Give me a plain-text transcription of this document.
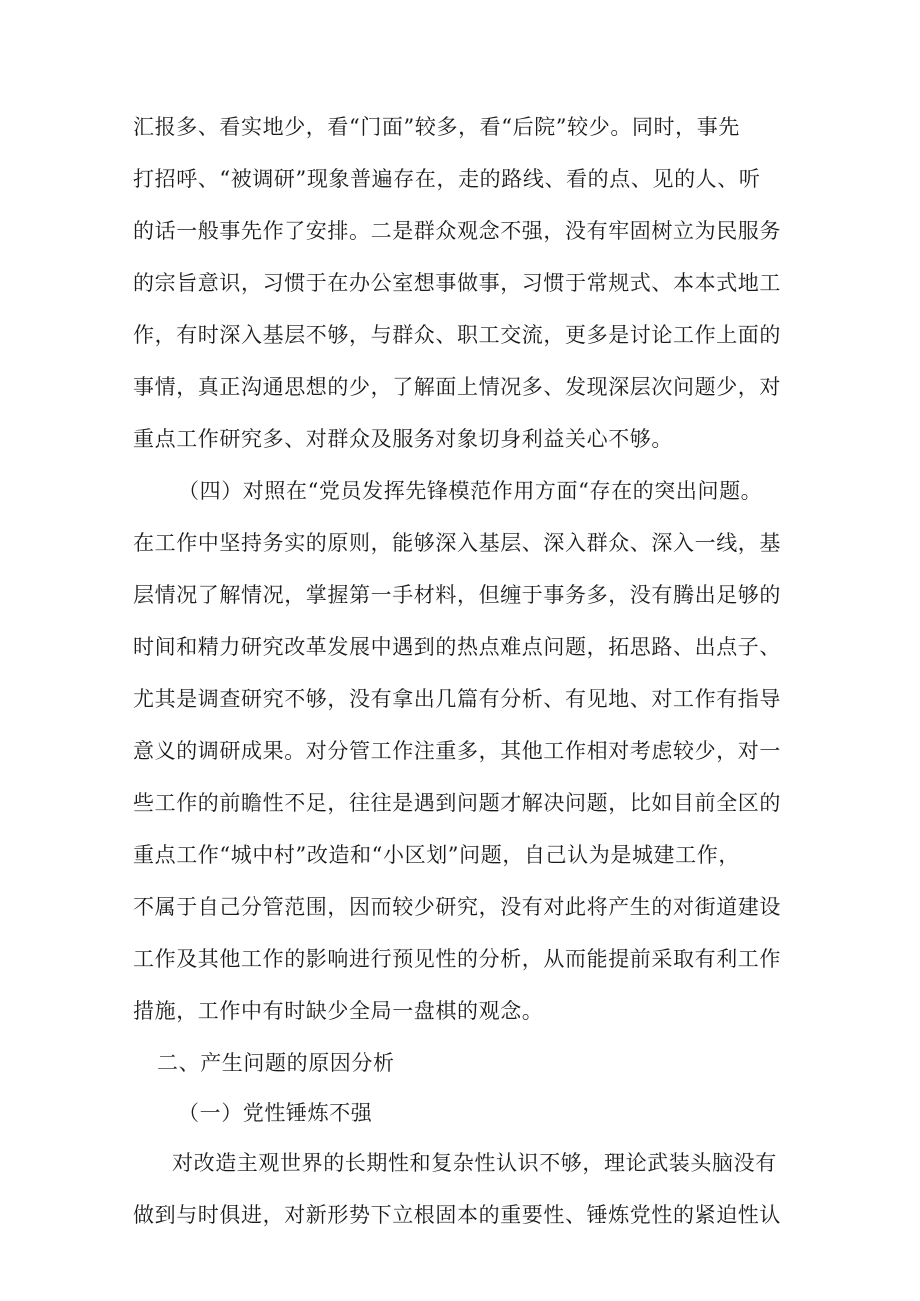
汇报多、看实地少，看“门面”较多，看“后院”较少。同时，事先
打招呼、“被调研”现象普遍存在，走的路线、看的点、见的人、听
的话一般事先作了安排。二是群众观念不强，没有牢固树立为民服务
的宗旨意识，习惯于在办公室想事做事，习惯于常规式、本本式地工
作，有时深入基层不够，与群众、职工交流，更多是讨论工作上面的
事情，真正沟通思想的少，了解面上情况多、发现深层次问题少，对
重点工作研究多、对群众及服务对象切身利益关心不够。
（四）对照在“党员发挥先锋模范作用方面“存在的突出问题。
在工作中坚持务实的原则，能够深入基层、深入群众、深入一线，基
层情况了解情况，掌握第一手材料，但缠于事务多，没有腾出足够的
时间和精力研究改革发展中遇到的热点难点问题，拓思路、出点子、
尤其是调查研究不够，没有拿出几篇有分析、有见地、对工作有指导
意义的调研成果。对分管工作注重多，其他工作相对考虑较少，对一
些工作的前瞻性不足，往往是遇到问题才解决问题，比如目前全区的
重点工作“城中村”改造和“小区划”问题，自己认为是城建工作，
不属于自己分管范围，因而较少研究，没有对此将产生的对街道建设
工作及其他工作的影响进行预见性的分析，从而能提前采取有利工作
措施，工作中有时缺少全局一盘棋的观念。
二、产生问题的原因分析
（一）党性锤炼不强
对改造主观世界的长期性和复杂性认识不够，理论武装头脑没有
做到与时俱进，对新形势下立根固本的重要性、锤炼党性的紧迫性认
